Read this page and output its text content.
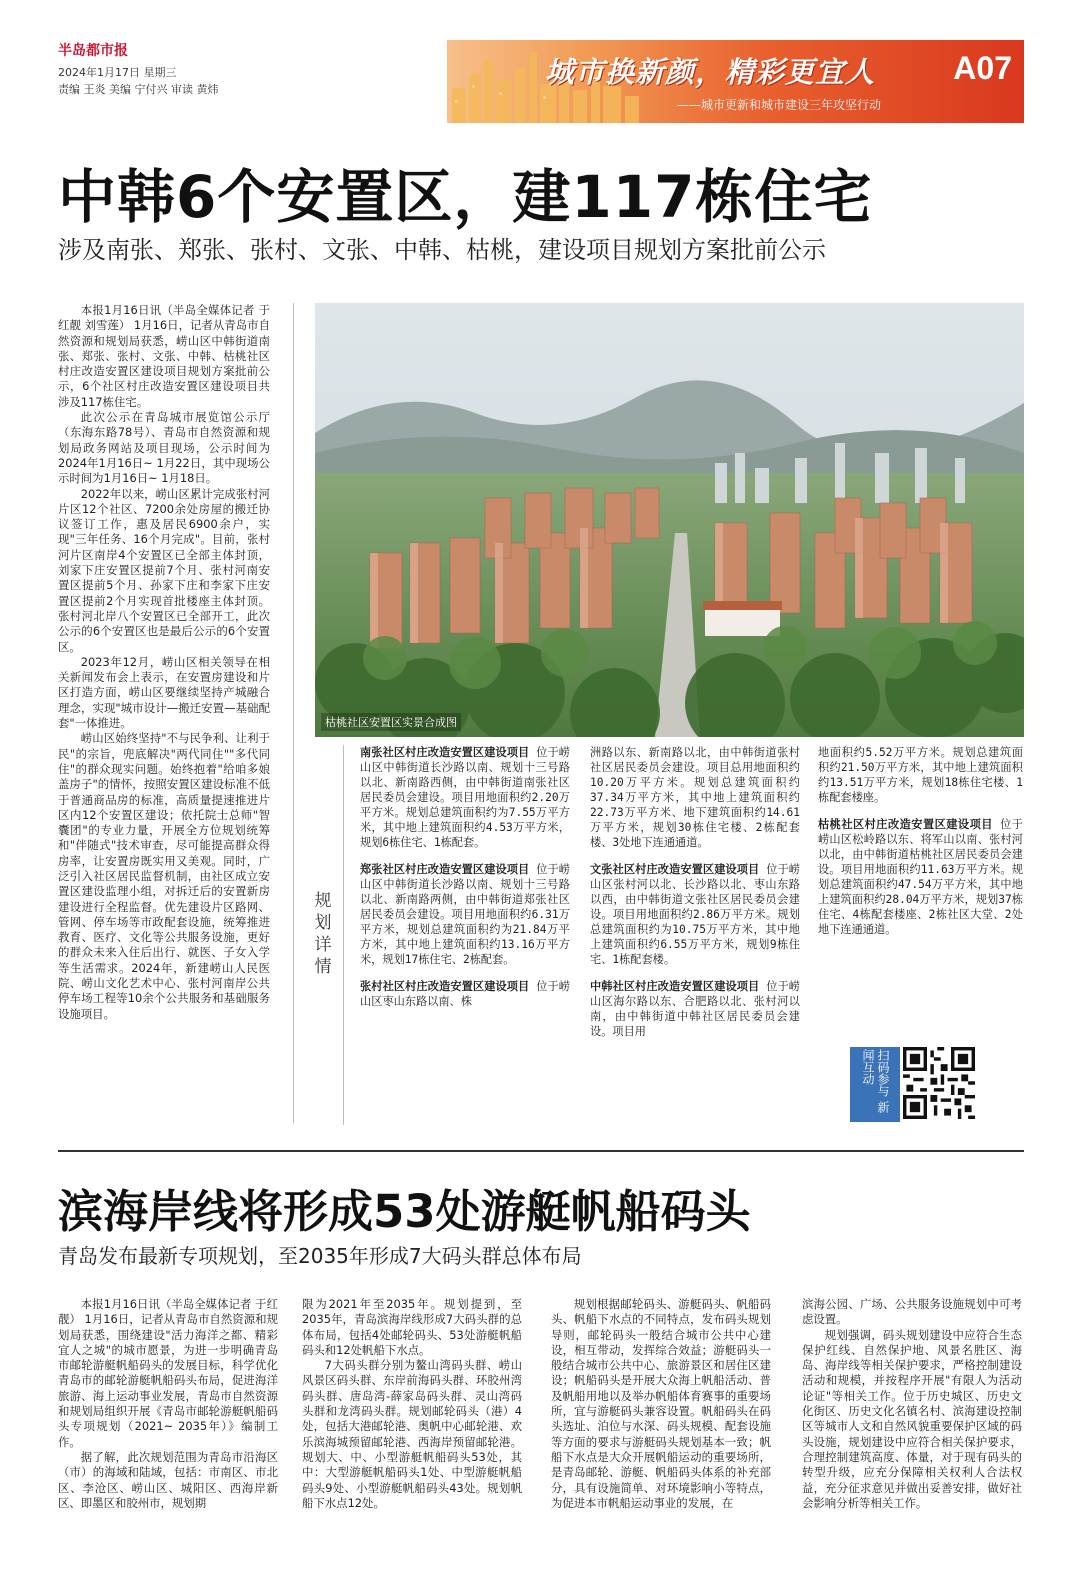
半岛都市报
2024年1月17日 星期三
责编 王炎 美编 宁付兴 审读 黄炜
城市换新颜，精彩更宜人 A07
——城市更新和城市建设三年攻坚行动
中韩6个安置区，建117栋住宅
涉及南张、郑张、张村、文张、中韩、枯桃，建设项目规划方案批前公示

本报1月16日讯（半岛全媒体记者 于红靓 刘雪莲） 1月16日，记者从青岛市自然资源和规划局获悉，崂山区中韩街道南张、郑张、张村、文张、中韩、枯桃社区村庄改造安置区建设项目规划方案批前公示，6个社区村庄改造安置区建设项目共涉及117栋住宅。

此次公示在青岛城市展览馆公示厅（东海东路78号）、青岛市自然资源和规划局政务网站及项目现场，公示时间为2024年1月16日~ 1月22日，其中现场公示时间为1月16日~ 1月18日。

2022年以来，崂山区累计完成张村河片区12个社区、7200余处房屋的搬迁协议签订工作，惠及居民6900余户，实现"三年任务、16个月完成"。目前，张村河片区南岸4个安置区已全部主体封顶，刘家下庄安置区提前7个月、张村河南安置区提前5个月、孙家下庄和李家下庄安置区提前2个月实现首批楼座主体封顶。张村河北岸八个安置区已全部开工，此次公示的6个安置区也是最后公示的6个安置区。

2023年12月，崂山区相关领导在相关新闻发布会上表示，在安置房建设和片区打造方面，崂山区要继续坚持产城融合理念，实现"城市设计—搬迁安置—基础配套"一体推进。

崂山区始终坚持"不与民争利、让利于民"的宗旨，兜底解决"两代同住""多代同住"的群众现实问题。始终抱着"给咱多娘盖房子"的情怀，按照安置区建设标准不低于普通商品房的标准，高质量提速推进片区内12个安置区建设；依托院士总师"智囊团"的专业力量，开展全方位规划统筹和"伴随式"技术审查，尽可能提高群众得房率，让安置房既实用又美观。同时，广泛引入社区居民监督机制，由社区成立安置区建设监理小组，对拆迁后的安置新房建设进行全程监督。优先建设片区路网、管网、停车场等市政配套设施，统筹推进教育、医疗、文化等公共服务设施，更好的群众未来入住后出行、就医、子女入学等生活需求。2024年，新建崂山人民医院、崂山文化艺术中心、张村河南岸公共停车场工程等10余个公共服务和基础服务设施项目。

枯桃社区安置区实景合成图
规划详情

南张社区村庄改造安置区建设项目 位于崂山区中韩街道长沙路以南、规划十三号路以北、新南路西侧，由中韩街道南张社区居民委员会建设。项目用地面积约2.20万平方米。规划总建筑面积约为7.55万平方米，其中地上建筑面积约4.53万平方米，规划6栋住宅、1栋配套。

郑张社区村庄改造安置区建设项目 位于崂山区中韩街道长沙路以南、规划十三号路以北、新南路两侧，由中韩街道郑张社区居民委员会建设。项目用地面积约6.31万平方米，规划总建筑面积约为21.84万平方米，其中地上建筑面积约13.16万平方米，规划17栋住宅、2栋配套。

张村社区村庄改造安置区建设项目 位于崂山区枣山东路以南、株

洲路以东、新南路以北，由中韩街道张村社区居民委员会建设。项目总用地面积约10.20万平方米。规划总建筑面积约37.34万平方米，其中地上建筑面积约22.73万平方米、地下建筑面积约14.61万平方米，规划30栋住宅楼、2栋配套楼、3处地下连通通道。

文张社区村庄改造安置区建设项目 位于崂山区张村河以北、长沙路以北、枣山东路以西，由中韩街道文张社区居民委员会建设。项目用地面积约2.86万平方米。规划总建筑面积约为10.75万平方米，其中地上建筑面积约6.55万平方米，规划9栋住宅、1栋配套楼。

中韩社区村庄改造安置区建设项目 位于崂山区海尔路以东、合肥路以北、张村河以南，由中韩街道中韩社区居民委员会建设。项目用

地面积约5.52万平方米。规划总建筑面积约21.50万平方米，其中地上建筑面积约13.51万平方米，规划18栋住宅楼、1栋配套楼座。

枯桃社区村庄改造安置区建设项目 位于崂山区松岭路以东、将军山以南、张村河以北，由中韩街道枯桃社区居民委员会建设。项目用地面积约11.63万平方米。规划总建筑面积约47.54万平方米，其中地上建筑面积约28.04万平方米，规划37栋住宅、4栋配套楼座、2栋社区大堂、2处地下连通通道。

扫码参与 新闻互动
滨海岸线将形成53处游艇帆船码头
青岛发布最新专项规划，至2035年形成7大码头群总体布局

本报1月16日讯（半岛全媒体记者 于红靓） 1月16日，记者从青岛市自然资源和规划局获悉，围绕建设"活力海洋之都、精彩宜人之城"的城市愿景，为进一步明确青岛市邮轮游艇帆船码头的发展目标，科学优化青岛市的邮轮游艇帆船码头布局，促进海洋旅游、海上运动事业发展，青岛市自然资源和规划局组织开展《青岛市邮轮游艇帆船码头专项规划（2021~ 2035年）》编制工作。

据了解，此次规划范围为青岛市沿海区（市）的海域和陆域，包括：市南区、市北区、李沧区、崂山区、城阳区、西海岸新区、即墨区和胶州市，规划期

限为2021年至2035年。规划提到，至2035年，青岛滨海岸线形成7大码头群的总体布局，包括4处邮轮码头、53处游艇帆船码头和12处帆船下水点。

7大码头群分别为鳌山湾码头群、崂山风景区码头群、东岸前海码头群、环胶州湾码头群、唐岛湾-薛家岛码头群、灵山湾码头群和龙湾码头群。规划邮轮码头（港）4处，包括大港邮轮港、奥帆中心邮轮港、欢乐滨海城预留邮轮港、西海岸预留邮轮港。规划大、中、小型游艇帆船码头53处，其中：大型游艇帆船码头1处、中型游艇帆船码头9处、小型游艇帆船码头43处。规划帆船下水点12处。

规划根据邮轮码头、游艇码头、帆船码头、帆船下水点的不同特点，发布码头规划导则，邮轮码头一般结合城市公共中心建设，相互带动，发挥综合效益；游艇码头一般结合城市公共中心、旅游景区和居住区建设；帆船码头是开展大众海上帆船活动、普及帆船用地以及举办帆船体育赛事的重要场所，宜与游艇码头兼容设置。帆船码头在码头选址、泊位与水深、码头规模、配套设施等方面的要求与游艇码头规划基本一致；帆船下水点是大众开展帆船运动的重要场所，是青岛邮轮、游艇、帆船码头体系的补充部分，具有设施简单、对环境影响小等特点，为促进本市帆船运动事业的发展，在

滨海公园、广场、公共服务设施规划中可考虑设置。

规划强调，码头规划建设中应符合生态保护红线、自然保护地、风景名胜区、海岛、海岸线等相关保护要求，严格控制建设活动和规模，并按程序开展"有限人为活动论证"等相关工作。位于历史城区、历史文化街区、历史文化名镇名村、滨海建设控制区等城市人文和自然风貌重要保护区域的码头设施，规划建设中应符合相关保护要求，合理控制建筑高度、体量，对于现有码头的转型升级，应充分保障相关权利人合法权益，充分征求意见并做出妥善安排，做好社会影响分析等相关工作。
